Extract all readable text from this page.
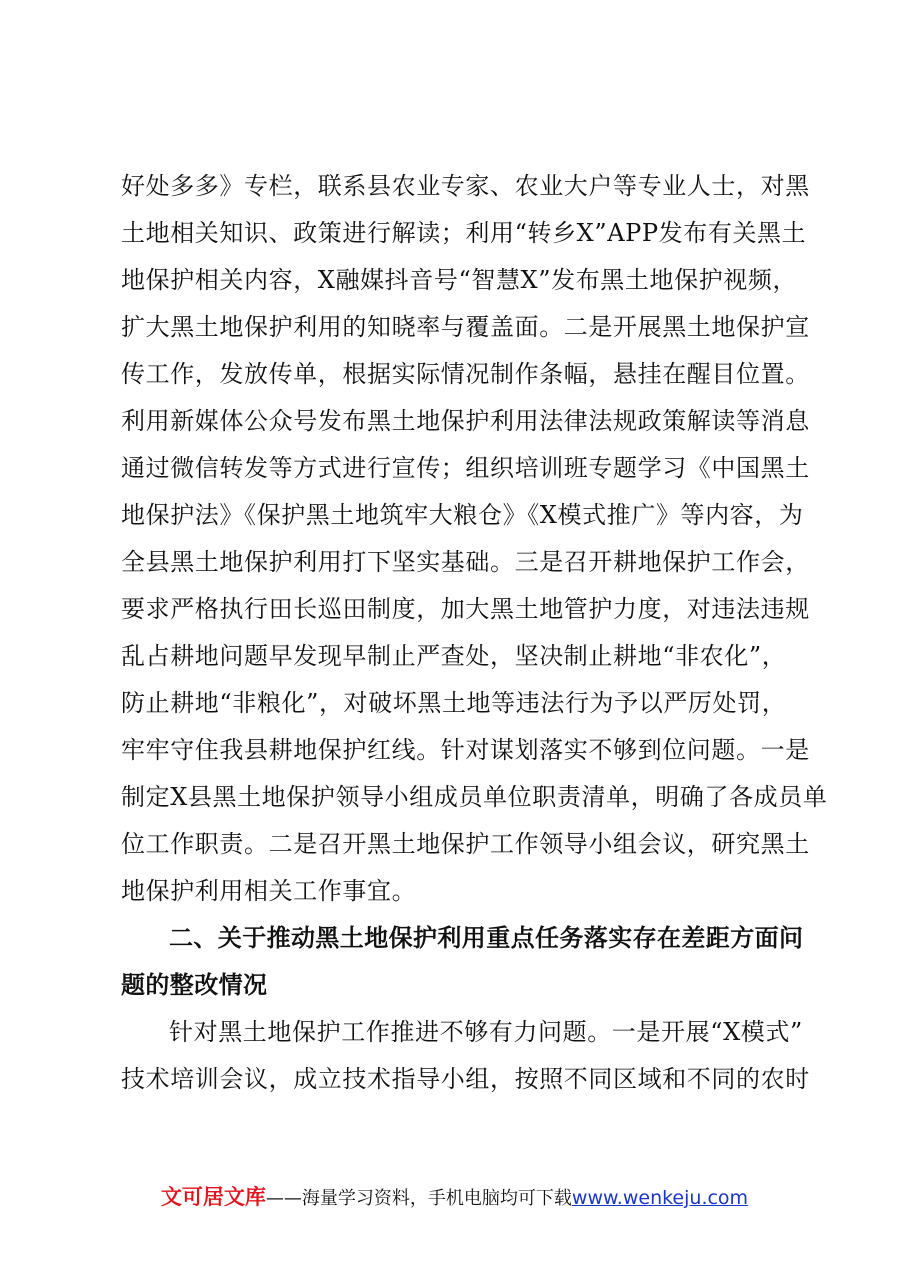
好处多多》专栏，联系县农业专家、农业大户等专业人士，对黑
土地相关知识、政策进行解读；利用“转乡X”APP发布有关黑土
地保护相关内容，X融媒抖音号“智慧X”发布黑土地保护视频，
扩大黑土地保护利用的知晓率与覆盖面。二是开展黑土地保护宣
传工作，发放传单，根据实际情况制作条幅，悬挂在醒目位置。
利用新媒体公众号发布黑土地保护利用法律法规政策解读等消息
通过微信转发等方式进行宣传；组织培训班专题学习《中国黑土
地保护法》《保护黑土地筑牢大粮仓》《X模式推广》等内容，为
全县黑土地保护利用打下坚实基础。三是召开耕地保护工作会，
要求严格执行田长巡田制度，加大黑土地管护力度，对违法违规
乱占耕地问题早发现早制止严查处，坚决制止耕地“非农化”，
防止耕地“非粮化”，对破坏黑土地等违法行为予以严厉处罚，
牢牢守住我县耕地保护红线。针对谋划落实不够到位问题。一是
制定X县黑土地保护领导小组成员单位职责清单，明确了各成员单
位工作职责。二是召开黑土地保护工作领导小组会议，研究黑土
地保护利用相关工作事宜。
二、关于推动黑土地保护利用重点任务落实存在差距方面问
题的整改情况
针对黑土地保护工作推进不够有力问题。一是开展“X模式”
技术培训会议，成立技术指导小组，按照不同区域和不同的农时
文可居文库——海量学习资料，手机电脑均可下载www.wenkeju.com
